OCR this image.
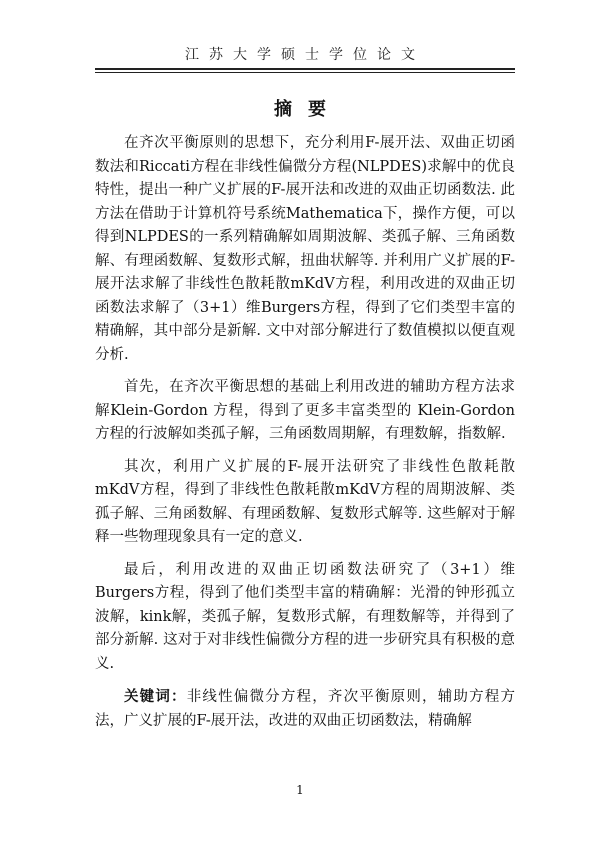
江苏大学硕士学位论文
摘要

在齐次平衡原则的思想下，充分利用F-展开法、双曲正切函数法和Riccati方程在非线性偏微分方程(NLPDES)求解中的优良特性，提出一种广义扩展的F-展开法和改进的双曲正切函数法. 此方法在借助于计算机符号系统Mathematica下，操作方便，可以得到NLPDES的一系列精确解如周期波解、类孤子解、三角函数解、有理函数解、复数形式解，扭曲状解等. 并利用广义扩展的F-展开法求解了非线性色散耗散mKdV方程，利用改进的双曲正切函数法求解了（3+1）维Burgers方程，得到了它们类型丰富的精确解，其中部分是新解. 文中对部分解进行了数值模拟以便直观分析.

首先，在齐次平衡思想的基础上利用改进的辅助方程方法求解Klein-Gordon 方程，得到了更多丰富类型的 Klein-Gordon 方程的行波解如类孤子解，三角函数周期解，有理数解，指数解.

其次，利用广义扩展的F-展开法研究了非线性色散耗散mKdV方程，得到了非线性色散耗散mKdV方程的周期波解、类孤子解、三角函数解、有理函数解、复数形式解等. 这些解对于解释一些物理现象具有一定的意义.

最后，利用改进的双曲正切函数法研究了（3+1）维Burgers方程，得到了他们类型丰富的精确解：光滑的钟形孤立波解，kink解，类孤子解，复数形式解，有理数解等，并得到了部分新解. 这对于对非线性偏微分方程的进一步研究具有积极的意义.

关键词：非线性偏微分方程，齐次平衡原则，辅助方程方法，广义扩展的F-展开法，改进的双曲正切函数法，精确解

1
